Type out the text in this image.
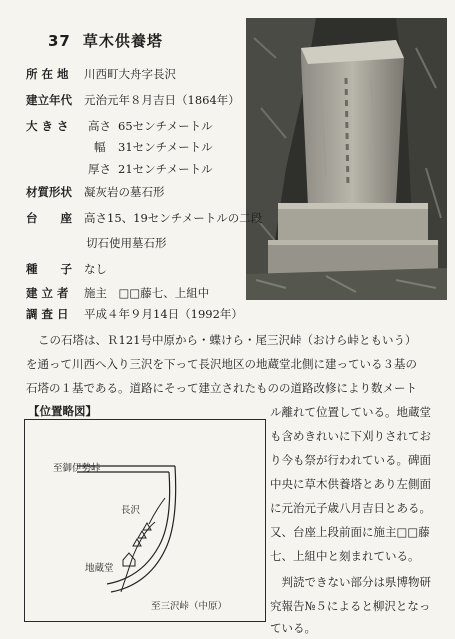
37 草木供養塔
所 在 地 川西町大舟字長沢
建立年代 元治元年８月吉日（1864年）
大 き さ	高さ 65センチメートル
幅 31センチメートル
厚さ 21センチメートル
材質形状 凝灰岩の墓石形
台　　座 高さ15、19センチメートルの二段
切石使用墓石形
種　　子 なし
建 立 者 施主　□□藤七、上組中
調 査 日 平成４年９月14日（1992年）
この石塔は、Ｒ121号中原から・蝶けら・尾三沢峠（おけら峠ともいう）
を通って川西へ入り三沢を下って長沢地区の地蔵堂北側に建っている３基の
石塔の１基である。道路にそって建立されたものの道路改修により数メート
【位置略図】
至御伊勢峠
長沢
地蔵堂
至三沢峠（中原）
ル離れて位置している。地蔵堂
も含めきれいに下刈りされてお
り今も祭が行われている。碑面
中央に草木供養塔とあり左側面
に元治元子歳八月吉日とある。
又、台座上段前面に施主□□藤
七、上組中と刻まれている。
　判読できない部分は県博物研
究報告№５によると柳沢となっ
ている。
